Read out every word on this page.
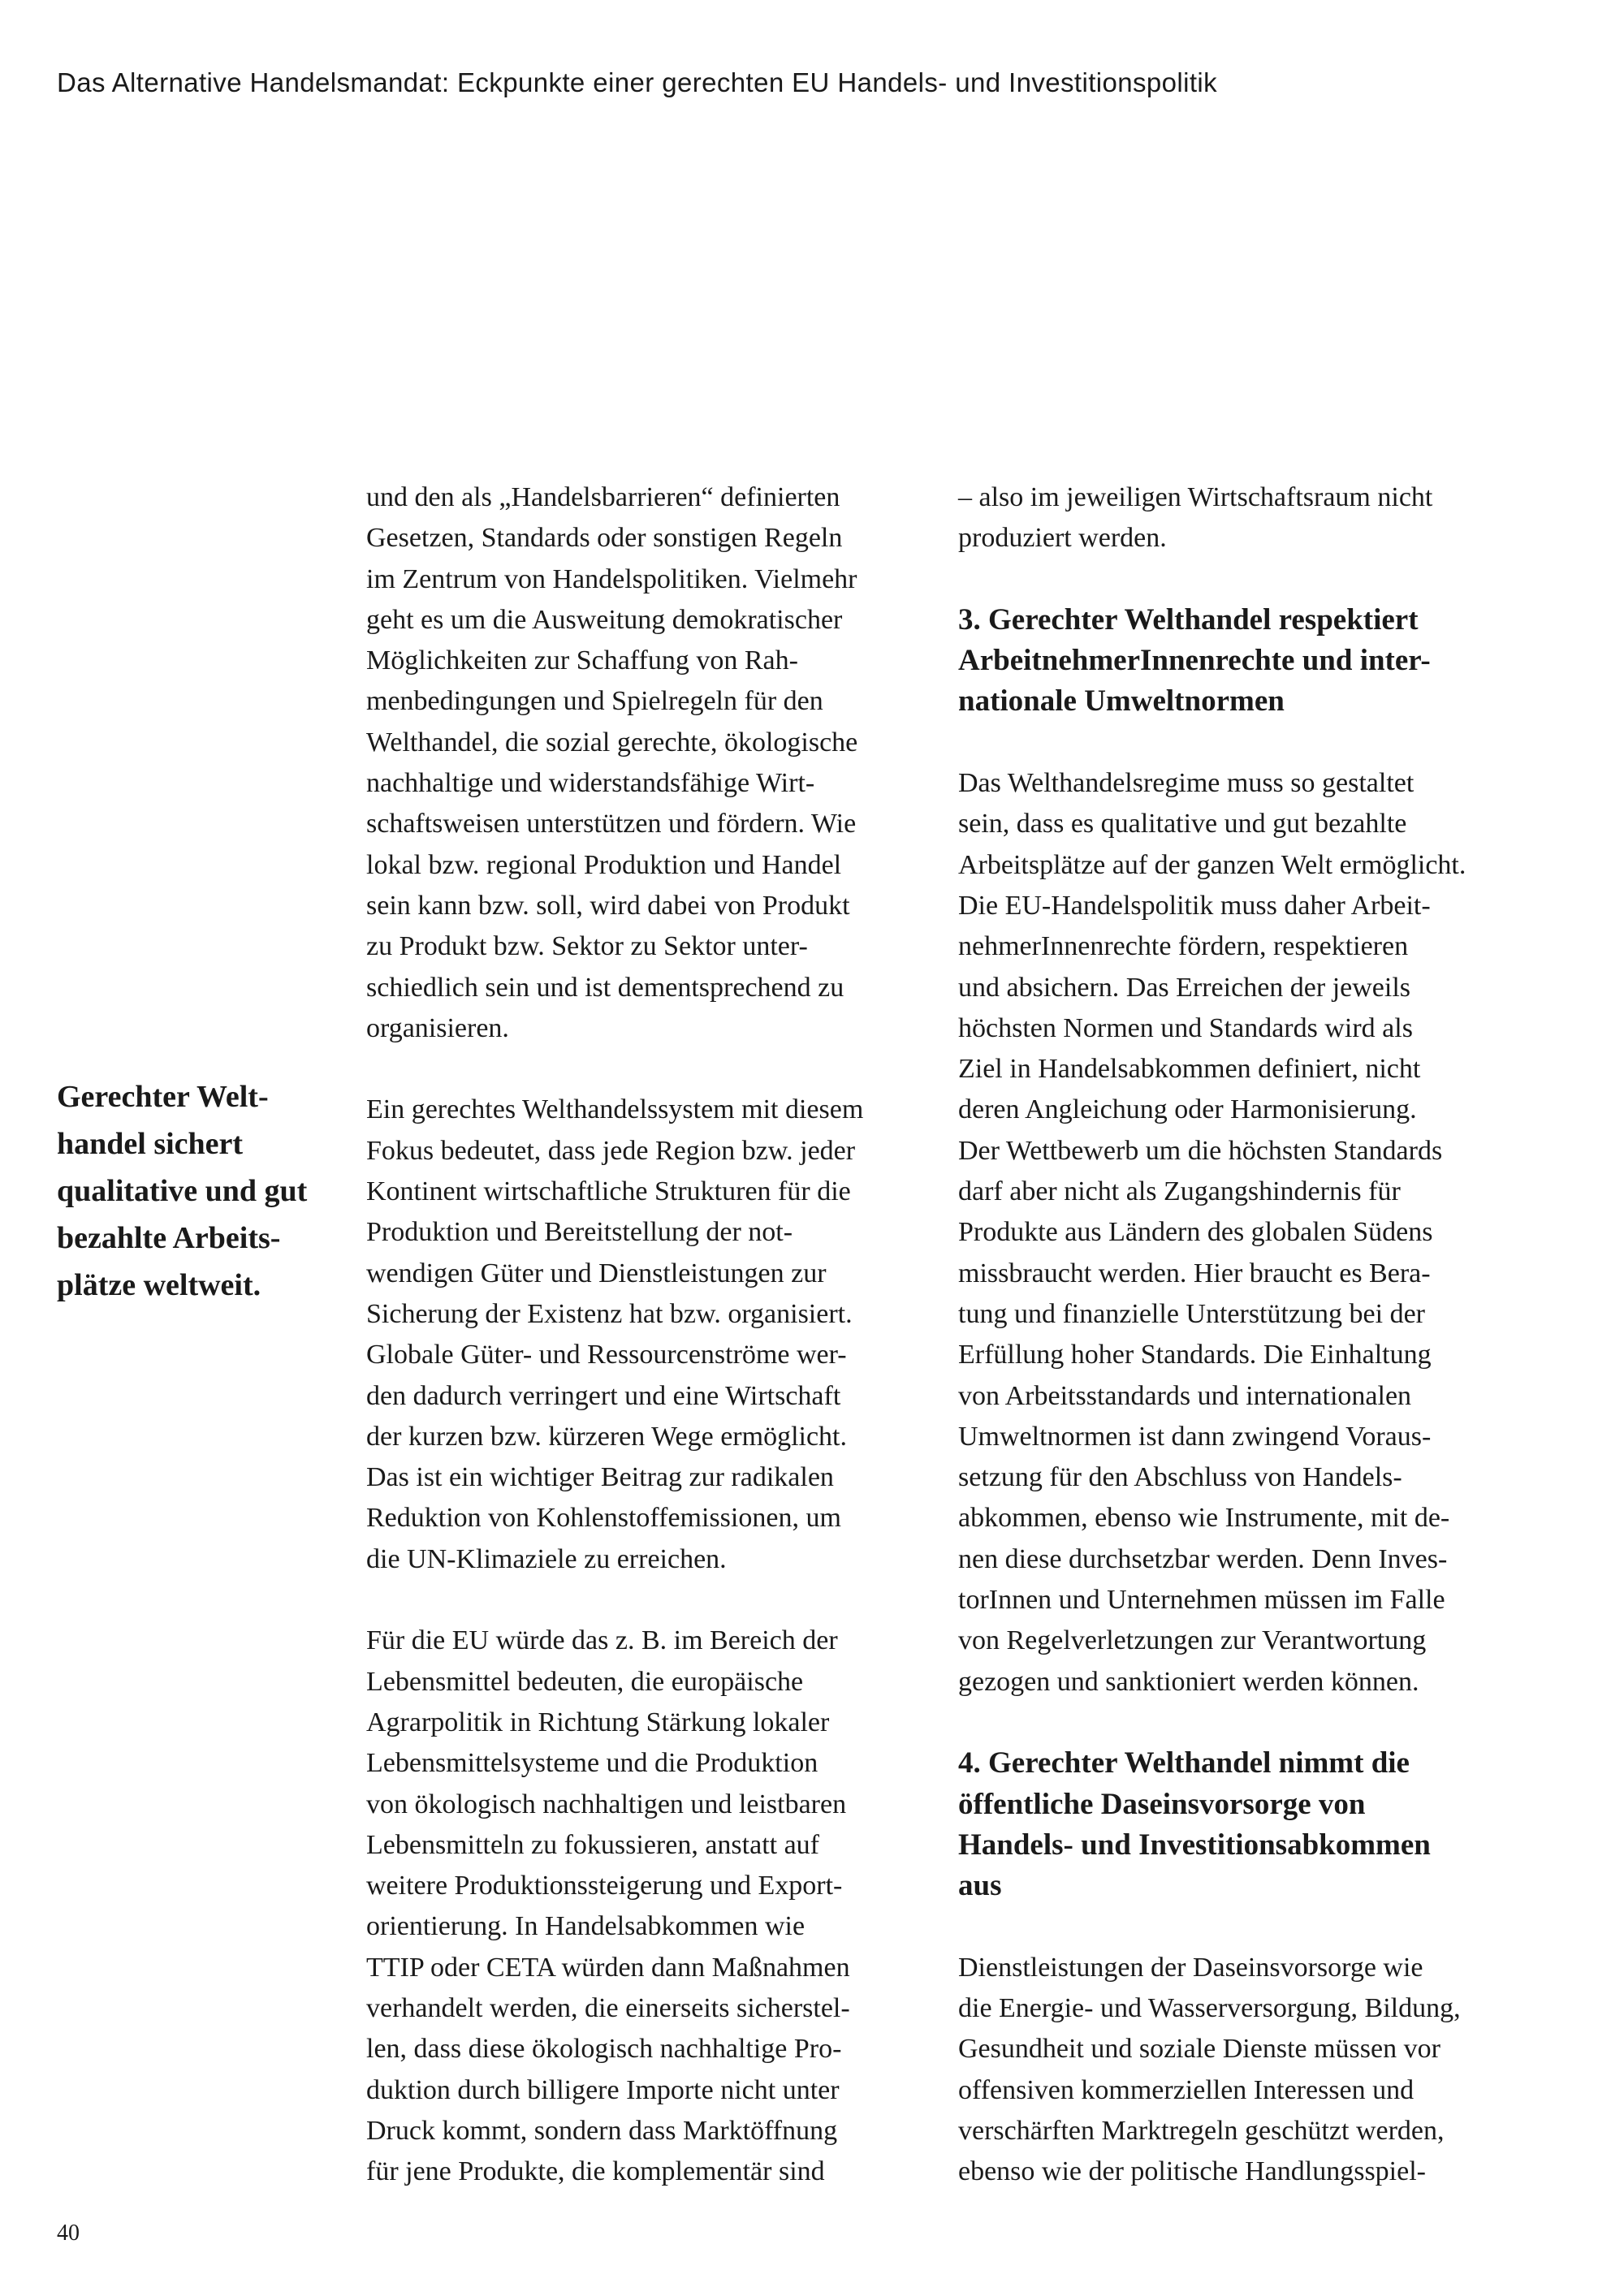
Das Alternative Handelsmandat: Eckpunkte einer gerechten EU Handels- und Investitionspolitik
Gerechter Welt-
handel sichert
qualitative und gut
bezahlte Arbeits-
plätze weltweit.
und den als „Handelsbarrieren“ definierten
Gesetzen, Standards oder sonstigen Regeln
im Zentrum von Handelspolitiken. Vielmehr
geht es um die Ausweitung demokratischer
Möglichkeiten zur Schaffung von Rah-
menbedingungen und Spielregeln für den
Welthandel, die sozial gerechte, ökologische
nachhaltige und widerstandsfähige Wirt-
schaftsweisen unterstützen und fördern. Wie
lokal bzw. regional Produktion und Handel
sein kann bzw. soll, wird dabei von Produkt
zu Produkt bzw. Sektor zu Sektor unter-
schiedlich sein und ist dementsprechend zu
organisieren.
Ein gerechtes Welthandelssystem mit diesem
Fokus bedeutet, dass jede Region bzw. jeder
Kontinent wirtschaftliche Strukturen für die
Produktion und Bereitstellung der not-
wendigen Güter und Dienstleistungen zur
Sicherung der Existenz hat bzw. organisiert.
Globale Güter- und Ressourcenströme wer-
den dadurch verringert und eine Wirtschaft
der kurzen bzw. kürzeren Wege ermöglicht.
Das ist ein wichtiger Beitrag zur radikalen
Reduktion von Kohlenstoffemissionen, um
die UN-Klimaziele zu erreichen.
Für die EU würde das z. B. im Bereich der
Lebensmittel bedeuten, die europäische
Agrarpolitik in Richtung Stärkung lokaler
Lebensmittelsysteme und die Produktion
von ökologisch nachhaltigen und leistbaren
Lebensmitteln zu fokussieren, anstatt auf
weitere Produktionssteigerung und Export-
orientierung. In Handelsabkommen wie
TTIP oder CETA würden dann Maßnahmen
verhandelt werden, die einerseits sicherstel-
len, dass diese ökologisch nachhaltige Pro-
duktion durch billigere Importe nicht unter
Druck kommt, sondern dass Marktöffnung
für jene Produkte, die komplementär sind
– also im jeweiligen Wirtschaftsraum nicht
produziert werden.
3. Gerechter Welthandel respektiert
ArbeitnehmerInnenrechte und inter-
nationale Umweltnormen
Das Welthandelsregime muss so gestaltet
sein, dass es qualitative und gut bezahlte
Arbeitsplätze auf der ganzen Welt ermöglicht.
Die EU-Handelspolitik muss daher Arbeit-
nehmerInnenrechte fördern, respektieren
und absichern. Das Erreichen der jeweils
höchsten Normen und Standards wird als
Ziel in Handelsabkommen definiert, nicht
deren Angleichung oder Harmonisierung.
Der Wettbewerb um die höchsten Standards
darf aber nicht als Zugangshindernis für
Produkte aus Ländern des globalen Südens
missbraucht werden. Hier braucht es Bera-
tung und finanzielle Unterstützung bei der
Erfüllung hoher Standards. Die Einhaltung
von Arbeitsstandards und internationalen
Umweltnormen ist dann zwingend Voraus-
setzung für den Abschluss von Handels-
abkommen, ebenso wie Instrumente, mit de-
nen diese durchsetzbar werden. Denn Inves-
torInnen und Unternehmen müssen im Falle
von Regelverletzungen zur Verantwortung
gezogen und sanktioniert werden können.
4. Gerechter Welthandel nimmt die
öffentliche Daseinsvorsorge von
Handels- und Investitionsabkommen
aus
Dienstleistungen der Daseinsvorsorge wie
die Energie- und Wasserversorgung, Bildung,
Gesundheit und soziale Dienste müssen vor
offensiven kommerziellen Interessen und
verschärften Marktregeln geschützt werden,
ebenso wie der politische Handlungsspiel-
40
